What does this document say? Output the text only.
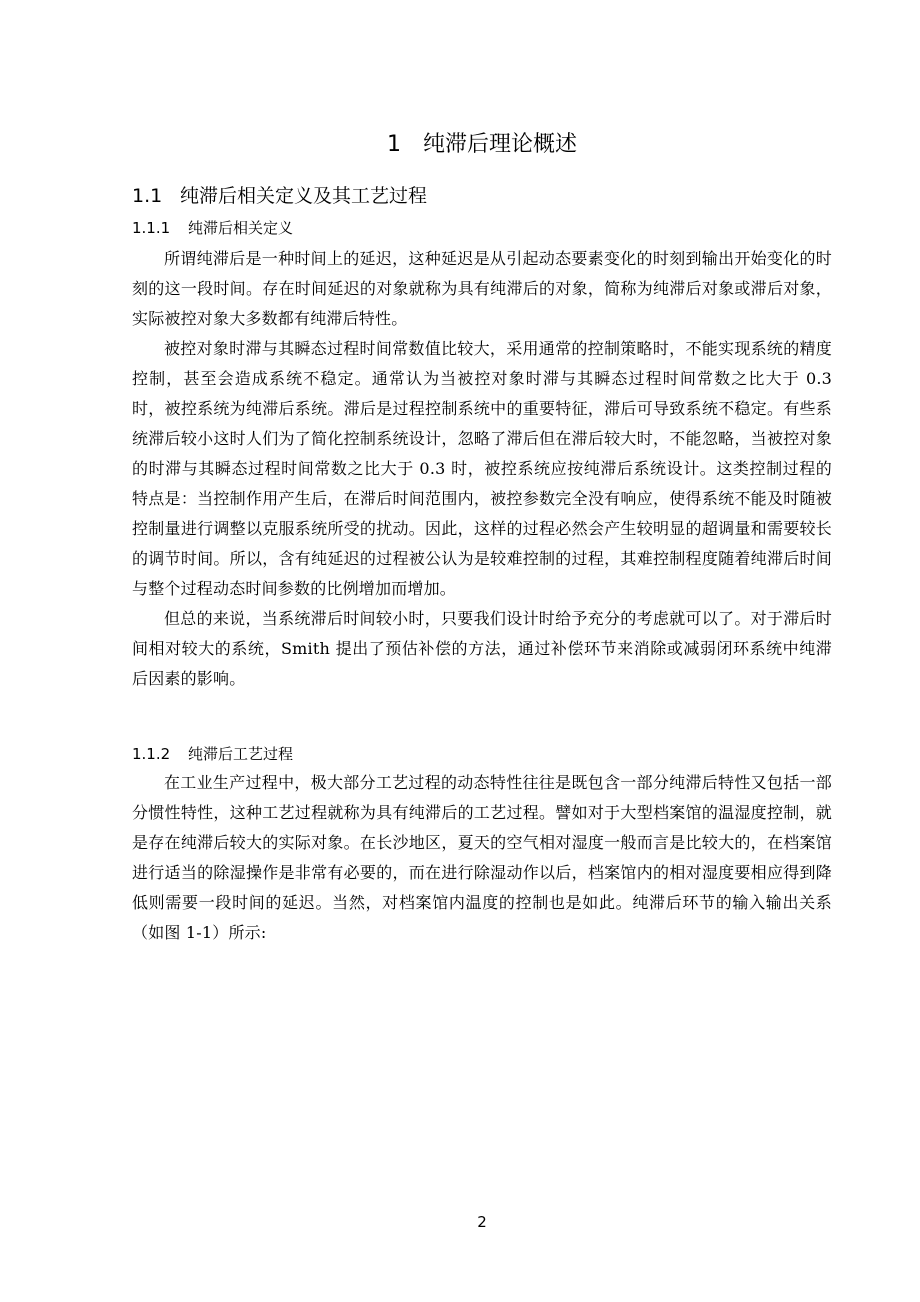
1 纯滞后理论概述
1.1 纯滞后相关定义及其工艺过程
1.1.1 纯滞后相关定义

所谓纯滞后是一种时间上的延迟，这种延迟是从引起动态要素变化的时刻到输出开始变化的时刻的这一段时间。存在时间延迟的对象就称为具有纯滞后的对象，简称为纯滞后对象或滞后对象，实际被控对象大多数都有纯滞后特性。

被控对象时滞与其瞬态过程时间常数值比较大，采用通常的控制策略时，不能实现系统的精度控制，甚至会造成系统不稳定。通常认为当被控对象时滞与其瞬态过程时间常数之比大于 0.3 时，被控系统为纯滞后系统。滞后是过程控制系统中的重要特征，滞后可导致系统不稳定。有些系统滞后较小这时人们为了简化控制系统设计，忽略了滞后但在滞后较大时，不能忽略，当被控对象的时滞与其瞬态过程时间常数之比大于 0.3 时，被控系统应按纯滞后系统设计。这类控制过程的特点是：当控制作用产生后，在滞后时间范围内，被控参数完全没有响应，使得系统不能及时随被控制量进行调整以克服系统所受的扰动。因此，这样的过程必然会产生较明显的超调量和需要较长的调节时间。所以，含有纯延迟的过程被公认为是较难控制的过程，其难控制程度随着纯滞后时间与整个过程动态时间参数的比例增加而增加。

但总的来说，当系统滞后时间较小时，只要我们设计时给予充分的考虑就可以了。对于滞后时间相对较大的系统，Smith 提出了预估补偿的方法，通过补偿环节来消除或减弱闭环系统中纯滞后因素的影响。

1.1.2 纯滞后工艺过程

在工业生产过程中，极大部分工艺过程的动态特性往往是既包含一部分纯滞后特性又包括一部分惯性特性，这种工艺过程就称为具有纯滞后的工艺过程。譬如对于大型档案馆的温湿度控制，就是存在纯滞后较大的实际对象。在长沙地区，夏天的空气相对湿度一般而言是比较大的，在档案馆进行适当的除湿操作是非常有必要的，而在进行除湿动作以后，档案馆内的相对湿度要相应得到降低则需要一段时间的延迟。当然，对档案馆内温度的控制也是如此。纯滞后环节的输入输出关系（如图 1-1）所示:

2
